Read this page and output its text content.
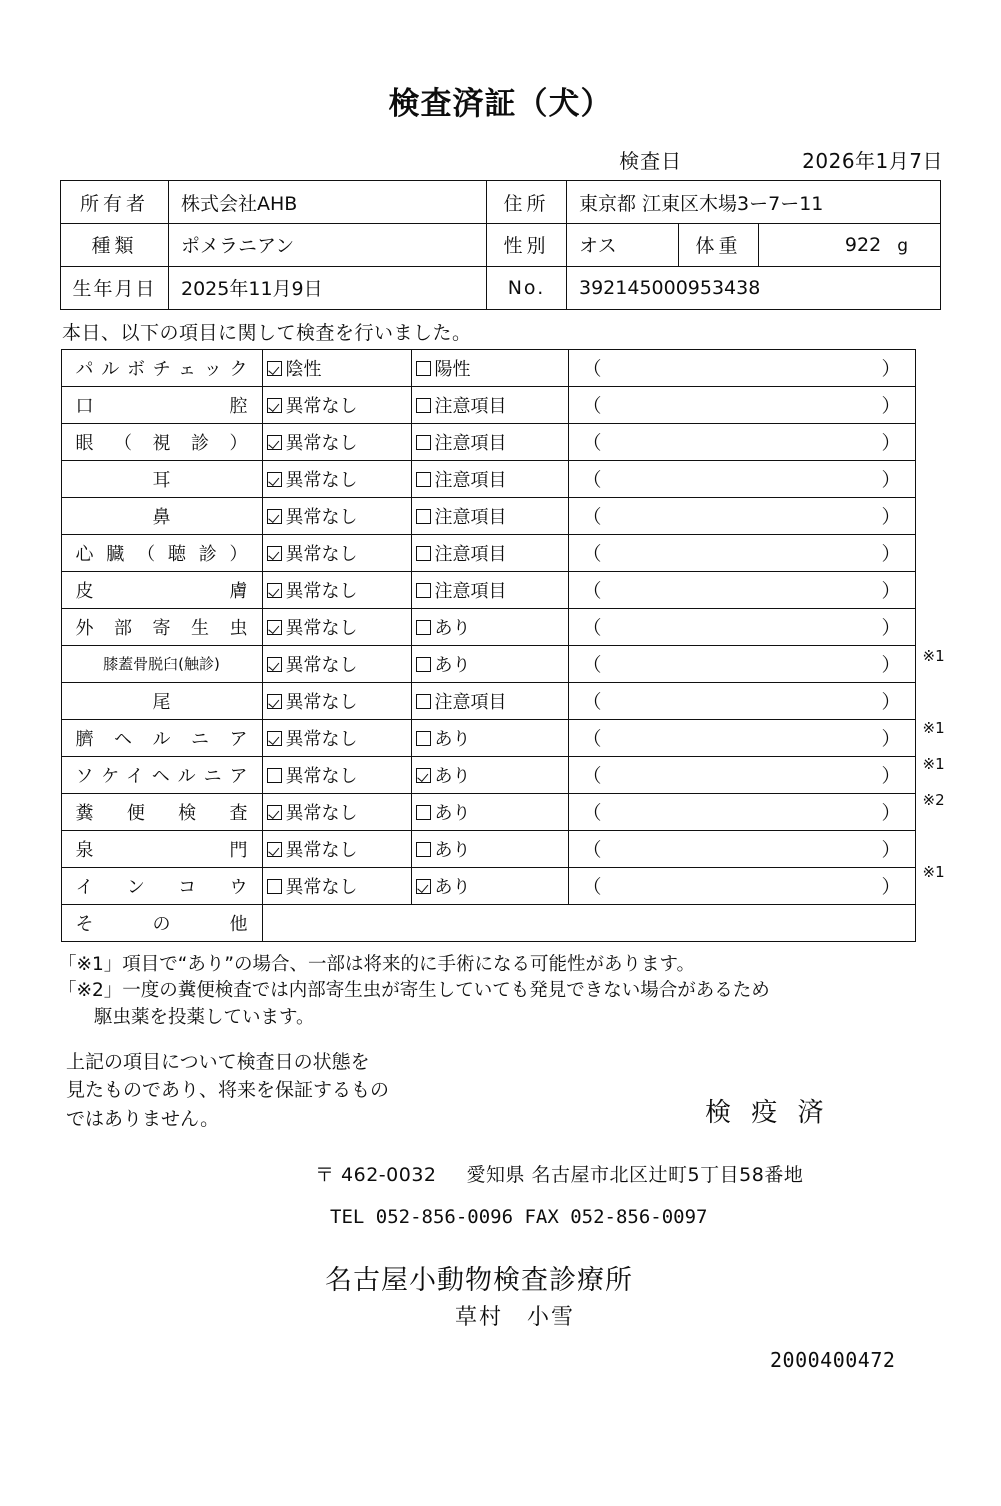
検査済証（犬）
検査日	2026年1月7日
所有者	株式会社AHB	住所	東京都 江東区木場3ー7ー11
種類	ポメラニアン	性別	オス	体重	922 g
生年月日	2025年11月9日	No.	392145000953438		
本日、以下の項目に関して検査を行いました。
パルボチェック	陰性	陽性	（ ）

口　　　　腔	異常なし	注意項目	（ ）

眼（視診）	異常なし	注意項目	（ ）

耳	異常なし	注意項目	（ ）

鼻	異常なし	注意項目	（ ）

心臓（聴診）	異常なし	注意項目	（ ）

皮　　　　膚	異常なし	注意項目	（ ）

外部寄生虫	異常なし	あり	（ ）

膝蓋骨脱臼(触診)	異常なし	あり	（ ）

尾	異常なし	注意項目	（ ）

臍ヘルニア	異常なし	あり	（ ）

ソケイヘルニア	異常なし	あり	（ ）

糞便検査	異常なし	あり	（ ）

泉　　　　門	異常なし	あり	（ ）

インコウ	異常なし	あり	（ ）

そ　の　他			
※1
※1
※1
※2
※1
「※1」項目で“あり”の場合、一部は将来的に手術になる可能性があります。
「※2」一度の糞便検査では内部寄生虫が寄生していても発見できない場合があるため
駆虫薬を投薬しています。
上記の項目について検査日の状態を
見たものであり、将来を保証するもの
ではありません。	検 疫 済
〒 462-0032 愛知県 名古屋市北区辻町5丁目58番地
TEL 052-856-0096 FAX 052-856-0097
名古屋小動物検査診療所
草村　小雪
2000400472
